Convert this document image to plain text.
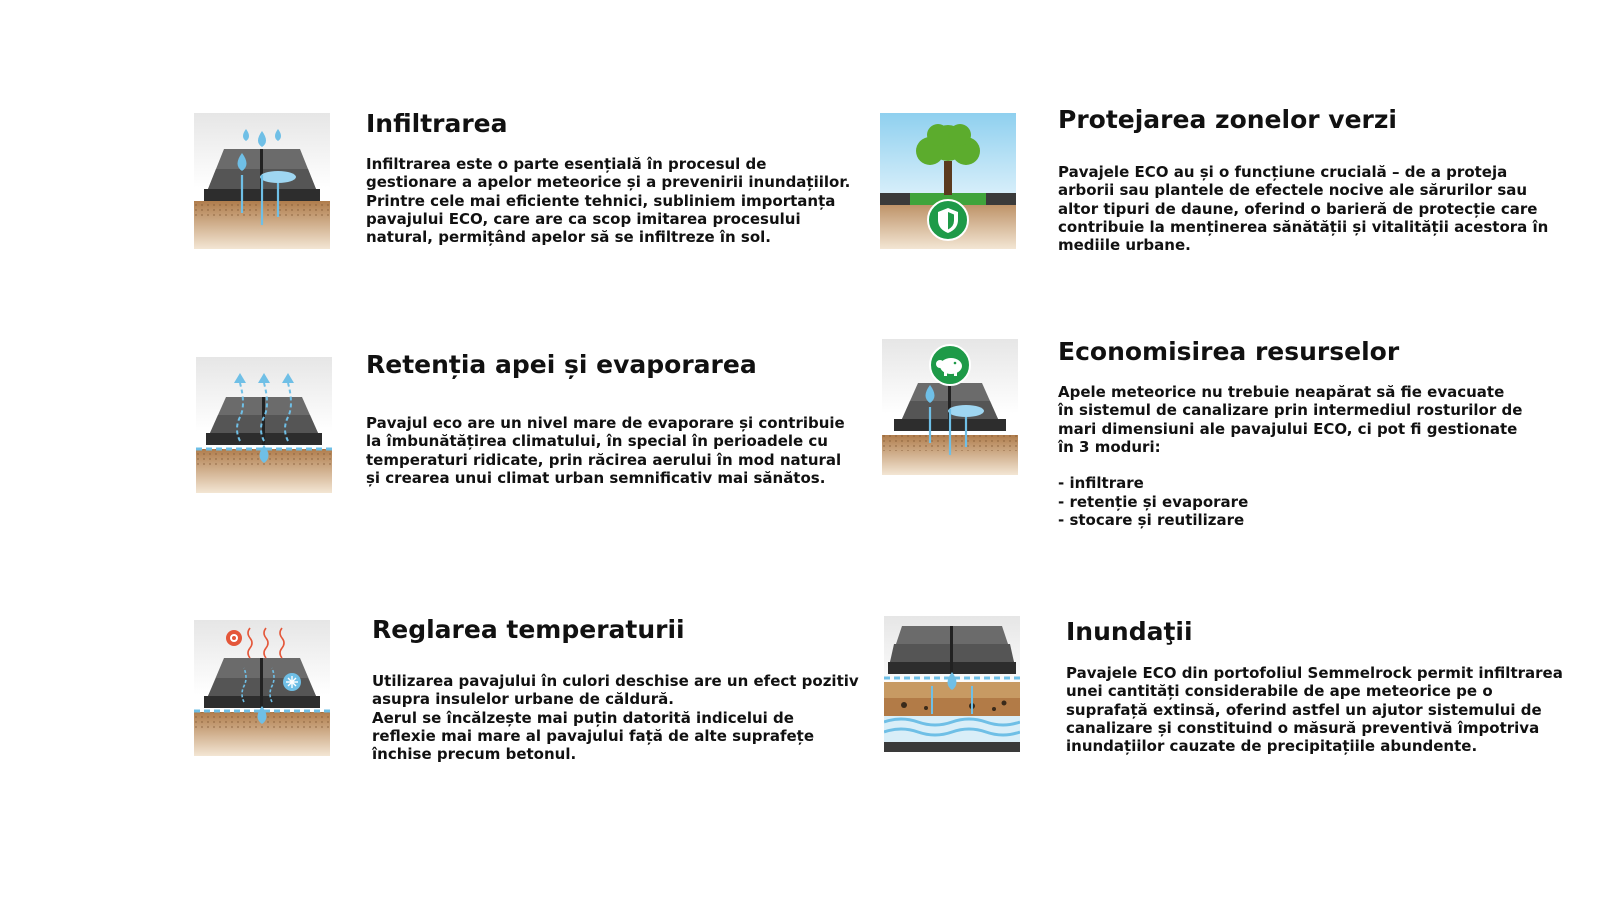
Infiltrarea

Infiltrarea este o parte esențială în procesul de
gestionare a apelor meteorice și a prevenirii inundațiilor.
Printre cele mai eficiente tehnici, subliniem importanța
pavajului ECO, care are ca scop imitarea procesului
natural, permițând apelor să se infiltreze în sol.

Protejarea zonelor verzi

Pavajele ECO au și o funcțiune crucială – de a proteja
arborii sau plantele de efectele nocive ale sărurilor sau
altor tipuri de daune, oferind o barieră de protecție care
contribuie la menținerea sănătății și vitalității acestora în
mediile urbane.

Retenția apei și evaporarea

Pavajul eco are un nivel mare de evaporare și contribuie
la îmbunătățirea climatului, în special în perioadele cu
temperaturi ridicate, prin răcirea aerului în mod natural
și crearea unui climat urban semnificativ mai sănătos.

Economisirea resurselor

Apele meteorice nu trebuie neapărat să fie evacuate
în sistemul de canalizare prin intermediul rosturilor de
mari dimensiuni ale pavajului ECO, ci pot fi gestionate
în 3 moduri:
- infiltrare
- retenție și evaporare
- stocare și reutilizare

Reglarea temperaturii

Utilizarea pavajului în culori deschise are un efect pozitiv
asupra insulelor urbane de căldură.
Aerul se încălzește mai puțin datorită indicelui de
reflexie mai mare al pavajului față de alte suprafețe
închise precum betonul.

Inundaţii

Pavajele ECO din portofoliul Semmelrock permit infiltrarea
unei cantități considerabile de ape meteorice pe o
suprafață extinsă, oferind astfel un ajutor sistemului de
canalizare și constituind o măsură preventivă împotriva
inundațiilor cauzate de precipitațiile abundente.
